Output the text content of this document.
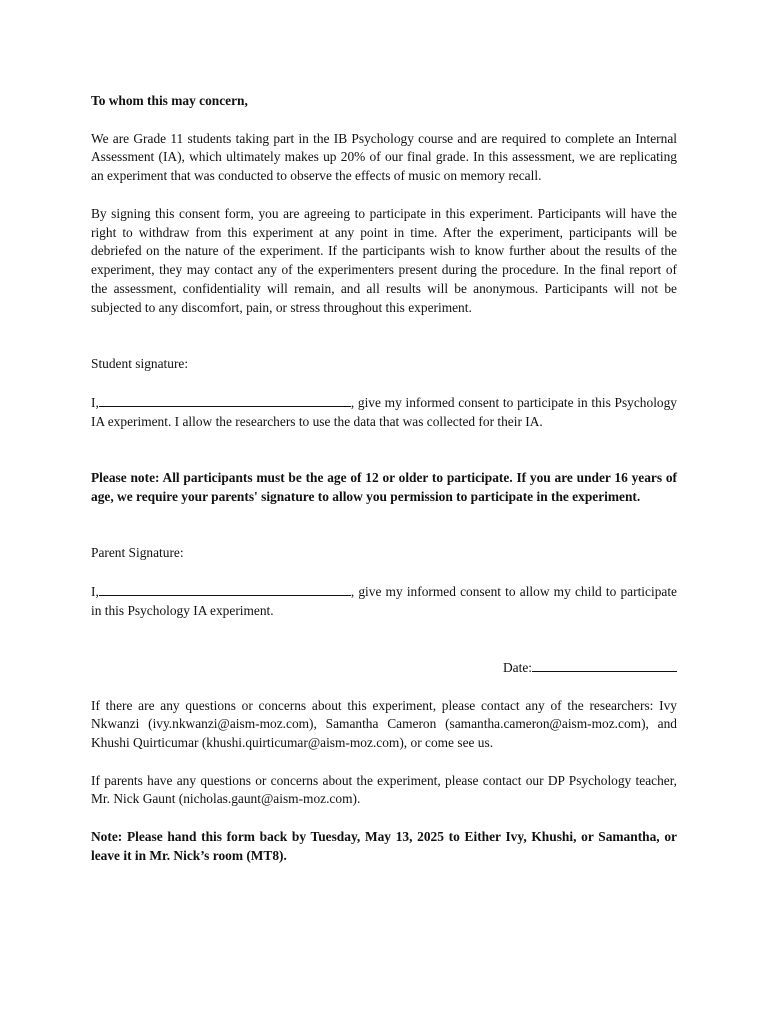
To whom this may concern,

We are Grade 11 students taking part in the IB Psychology course and are required to complete an Internal Assessment (IA), which ultimately makes up 20% of our final grade. In this assessment, we are replicating an experiment that was conducted to observe the effects of music on memory recall.

By signing this consent form, you are agreeing to participate in this experiment. Participants will have the right to withdraw from this experiment at any point in time. After the experiment, participants will be debriefed on the nature of the experiment. If the participants wish to know further about the results of the experiment, they may contact any of the experimenters present during the procedure. In the final report of the assessment, confidentiality will remain, and all results will be anonymous. Participants will not be subjected to any discomfort, pain, or stress throughout this experiment.

Student signature:

I,	, give my informed consent to participate in this Psychology IA experiment. I allow the researchers to use the data that was collected for their IA.

Please note: All participants must be the age of 12 or older to participate. If you are under 16 years of age, we require your parents' signature to allow you permission to participate in the experiment.

Parent Signature:

I,	, give my informed consent to allow my child to participate in this Psychology IA experiment.

Date:

If there are any questions or concerns about this experiment, please contact any of the researchers: Ivy Nkwanzi (ivy.nkwanzi@aism-moz.com), Samantha Cameron (samantha.cameron@aism-moz.com), and Khushi Quirticumar (khushi.quirticumar@aism-moz.com), or come see us.

If parents have any questions or concerns about the experiment, please contact our DP Psychology teacher, Mr. Nick Gaunt (nicholas.gaunt@aism-moz.com).

Note: Please hand this form back by Tuesday, May 13, 2025 to Either Ivy, Khushi, or Samantha, or leave it in Mr. Nick’s room (MT8).
